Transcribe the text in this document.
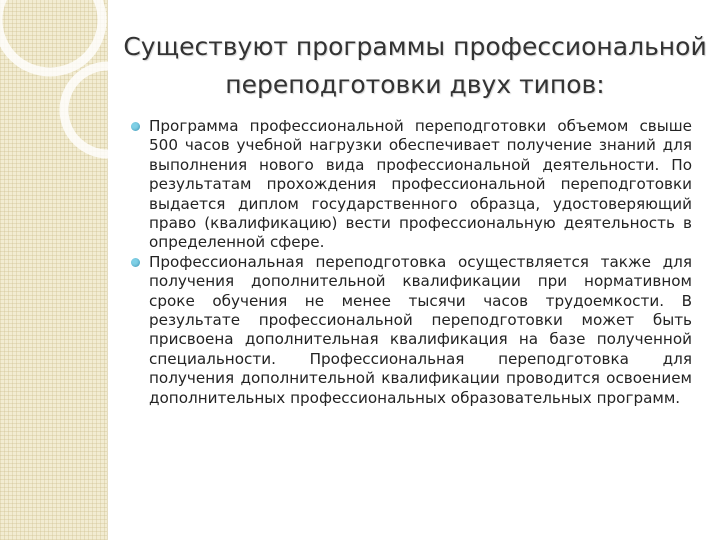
Существуют программы профессиональной
переподготовки двух типов:
Программа профессиональной переподготовки объемом свыше 500 часов учебной нагрузки обеспечивает получение знаний для выполнения нового вида профессиональной деятельности. По результатам прохождения профессиональной переподготовки выдается диплом государственного образца, удостоверяющий право (квалификацию) вести профессиональную деятельность в определенной сфере.
Профессиональная переподготовка осуществляется также для получения дополнительной квалификации при нормативном сроке обучения не менее тысячи часов трудоемкости. В результате профессиональной переподготовки может быть присвоена дополнительная квалификация на базе полученной специальности. Профессиональная переподготовка для получения дополнительной квалификации проводится освоением дополнительных профессиональных образовательных программ.
